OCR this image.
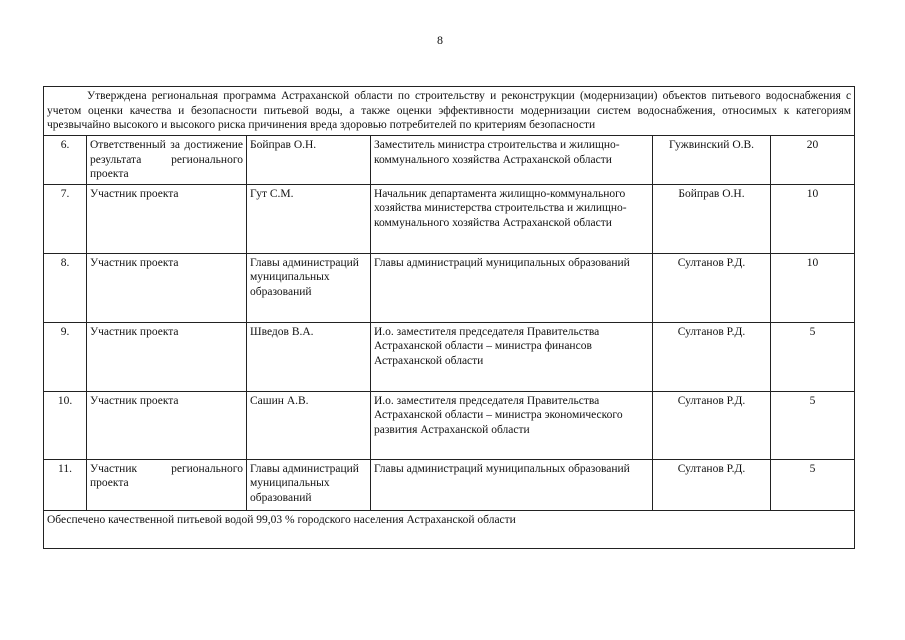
8
Утверждена региональная программа Астраханской области по строительству и реконструкции (модернизации) объектов питьевого водоснабжения с учетом оценки качества и безопасности питьевой воды, а также оценки эффективности модернизации систем водоснабжения, относимых к категориям чрезвычайно высокого и высокого риска причинения вреда здоровью потребителей по критериям безопасности					
6.	Ответственный за достижение результата регионального проекта	Бойправ О.Н.	Заместитель министра строительства и жилищно-коммунального хозяйства Астраханской области	Гужвинский О.В.	20
7.	Участник проекта	Гут С.М.	Начальник департамента жилищно-коммунального хозяйства министерства строительства и жилищно-коммунального хозяйства Астраханской области	Бойправ О.Н.	10
8.	Участник проекта	Главы администраций муниципальных образований	Главы администраций муниципальных образований	Султанов Р.Д.	10
9.	Участник проекта	Шведов В.А.	И.о. заместителя председателя Правительства Астраханской области – министра финансов Астраханской области	Султанов Р.Д.	5
10.	Участник проекта	Сашин А.В.	И.о. заместителя председателя Правительства Астраханской области – министра экономического развития Астраханской области	Султанов Р.Д.	5
11.	Участник регионального проекта	Главы администраций муниципальных образований	Главы администраций муниципальных образований	Султанов Р.Д.	5
Обеспечено качественной питьевой водой 99,03 % городского населения Астраханской области					
